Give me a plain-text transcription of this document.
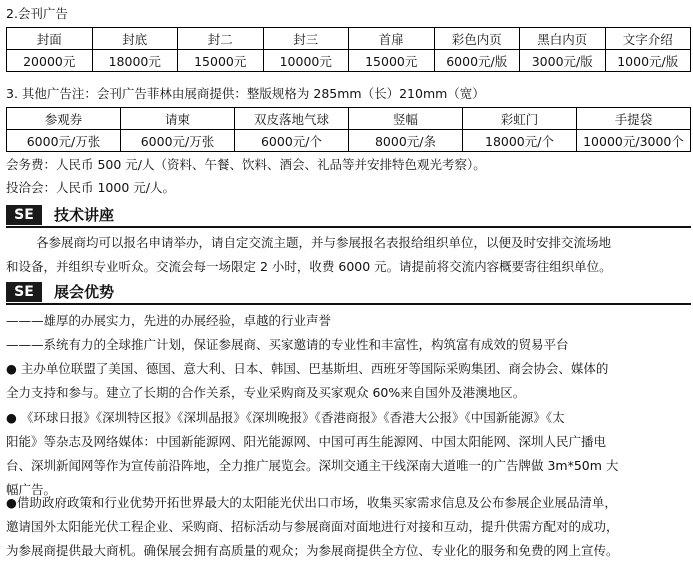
2.会刊广告
封面	封底	封二	封三	首扉	彩色内页	黑白内页	文字介绍
20000元	18000元	15000元	10000元	15000元	6000元/版	3000元/版	1000元/版
3. 其他广告注：会刊广告菲林由展商提供：整版规格为 285mm（长）210mm（宽）
参观券	请柬	双皮落地气球	竖幅	彩虹门	手提袋
6000元/万张	6000元/万张	6000元/个	8000元/条	18000元/个	10000元/3000个
会务费：人民币 500 元/人（资料、午餐、饮料、酒会、礼品等并安排特色观光考察）。
投洽会：人民币 1000 元/人。
SE	技术讲座
各参展商均可以报名申请举办，请自定交流主题，并与参展报名表报给组织单位，以便及时安排交流场地
和设备，并组织专业听众。交流会每一场限定 2 小时，收费 6000 元。请提前将交流内容概要寄往组织单位。
SE	展会优势
———雄厚的办展实力，先进的办展经验，卓越的行业声誉
———系统有力的全球推广计划，保证参展商、买家邀请的专业性和丰富性，构筑富有成效的贸易平台
● 主办单位联盟了美国、德国、意大利、日本、韩国、巴基斯坦、西班牙等国际采购集团、商会协会、媒体的
全力支持和参与。建立了长期的合作关系，专业采购商及买家观众 60%来自国外及港澳地区。
● 《环球日报》《深圳特区报》《深圳晶报》《深圳晚报》《香港商报》《香港大公报》《中国新能源》《太
阳能》等杂志及网络媒体：中国新能源网、阳光能源网、中国可再生能源网、中国太阳能网、深圳人民广播电
台、深圳新闻网等作为宣传前沿阵地，全力推广展览会。深圳交通主干线深南大道唯一的广告牌做 3m*50m 大
幅广告。
●借助政府政策和行业优势开拓世界最大的太阳能光伏出口市场，收集买家需求信息及公布参展企业展品清单，
邀请国外太阳能光伏工程企业、采购商、招标活动与参展商面对面地进行对接和互动，提升供需方配对的成功，
为参展商提供最大商机。确保展会拥有高质量的观众；为参展商提供全方位、专业化的服务和免费的网上宣传。
